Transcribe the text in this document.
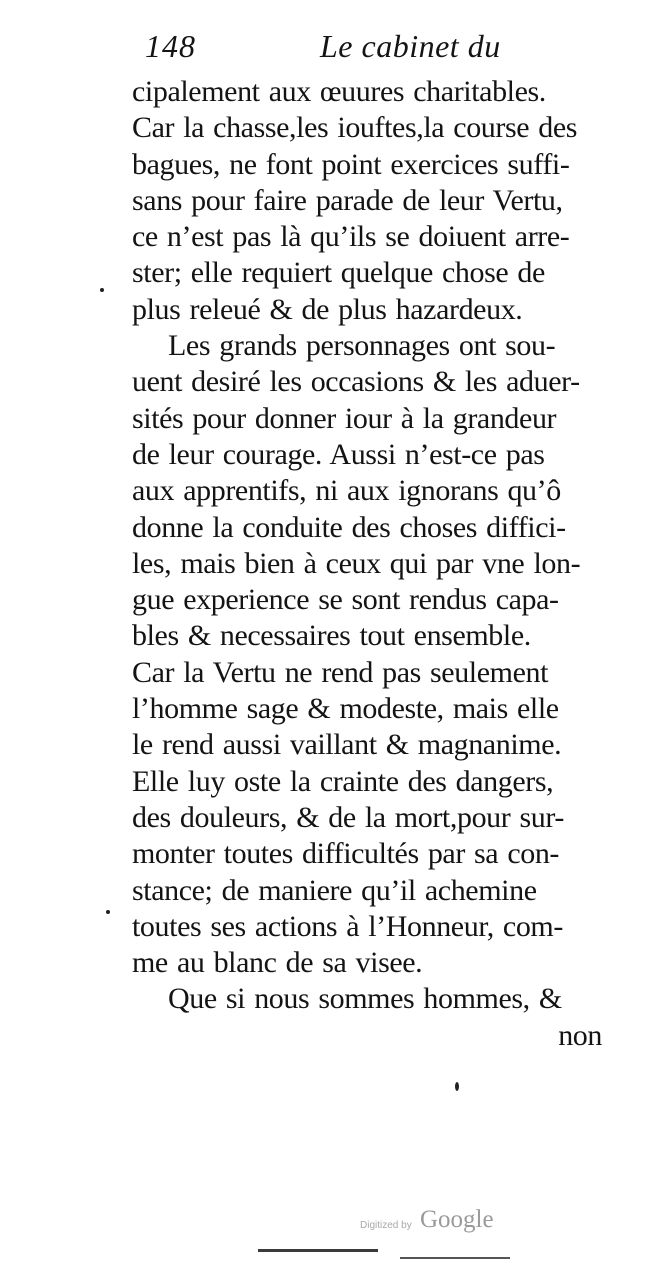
148	Le cabinet du
cipalement aux œuures charitables.
Car la chasse,les iouftes,la course des
bagues, ne font point exercices suffi-
sans pour faire parade de leur Vertu,
ce n’est pas là qu’ils se doiuent arre-
ster; elle requiert quelque chose de
plus releué & de plus hazardeux.
Les grands personnages ont sou-
uent desiré les occasions & les aduer-
sités pour donner iour à la grandeur
de leur courage. Aussi n’est-ce pas
aux apprentifs, ni aux ignorans qu’ô
donne la conduite des choses diffici-
les, mais bien à ceux qui par vne lon-
gue experience se sont rendus capa-
bles & necessaires tout ensemble.
Car la Vertu ne rend pas seulement
l’homme sage & modeste, mais elle
le rend aussi vaillant & magnanime.
Elle luy oste la crainte des dangers,
des douleurs, & de la mort,pour sur-
monter toutes difficultés par sa con-
stance; de maniere qu’il achemine
toutes ses actions à l’Honneur, com-
me au blanc de sa visee.
Que si nous sommes hommes, &
non
Digitized by Google
